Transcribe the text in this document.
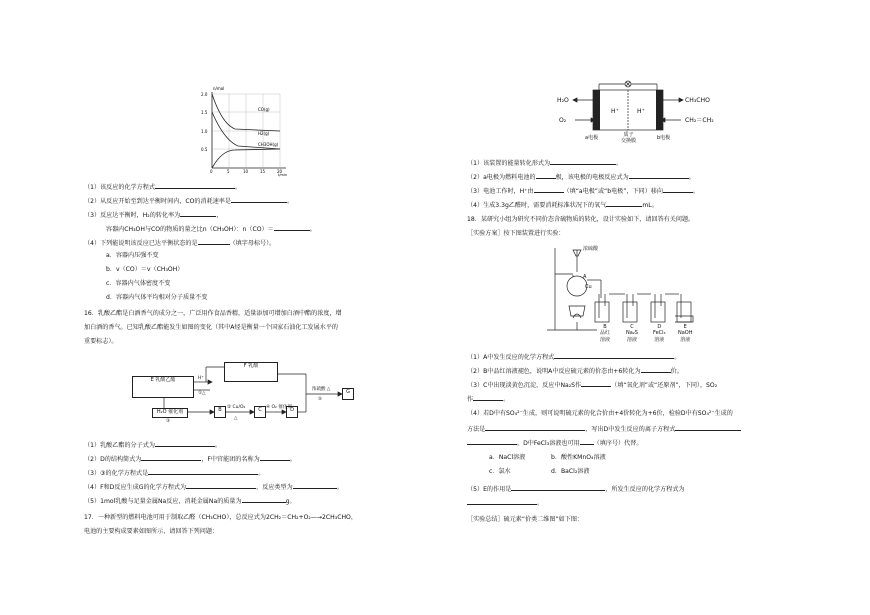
n/mol
2.0
1.5
1.0
0.5
0	5	10	15	20
t/min
CO(g)
H2(g)
CH3OH(g)
（1）该反应的化学方程式	。
（2）从反应开始至到达平衡时间内，CO的消耗速率是	。
（3）反应达平衡时，H₂的转化率为	，
容器内CH₃OH与CO的物质的量之比n（CH₃OH）：n（CO）＝	。
（4）下列能说明该反应已达平衡状态的是	（填字母标号）。
a．容器内压强不变
b．v（CO）＝v（CH₃OH）
c．容器内气体密度不变
d．容器内气体平均相对分子质量不变
16．乳酸乙酯是白酒香气的成分之一，广泛用作食品香精，适量添加可增加白酒中酯的浓度，增
加白酒的香气。已知乳酸乙酯能发生如图的变化（其中A烃是衡量一个国家石油化工发展水平的
重要标志）。
E 乳酸乙酯
F 乳酸
H₂O 催化剂	B	C	D
G
H⁺
①△
③
② Cu/O₂
△
④ O₂ 催化剂
浓硫酸 △
⑤
（1）乳酸乙酯的分子式为	。
（2）D的结构简式为	，F中官能团的名称为	。
（3）③的化学方程式是	。
（4）F和D反应生成G的化学方程式为	，反应类型为	。
（5）1mol乳酸与足量金属Na反应，消耗金属Na的质量为	g。
17．一种新型的燃料电池可用于制取乙醛（CH₃CHO），总反应式为2CH₂＝CH₂+O₂—→2CH₃CHO，
电池的主要构成要素如图所示，请回答下列问题：
H₂O
O₂
CH₃CHO
CH₂＝CH₂
H⁺	H⁺
a电极	质子
交换膜
b电极
（1）该装置的能量转化形式为	。
（2）a电极为燃料电池的	极，该电极的电极反应式为	。
（3）电池工作时，H⁺由	（填“a电极”或“b电极”，下同）移向	。
（4）生成3.3g乙醛时，需要消耗标准状况下的氧气	mL。
18．某研究小组为研究不同价态含硫物质的转化，设计实验如下，请回答有关问题。
［实验方案］按下图装置进行实验：
浓硫酸
A
Cu
B
品红
溶液
C
Na₂S
溶液
D
FeCl₃
溶液
E
NaOH
溶液
（1）A中发生反应的化学方程式	。
（2）B中品红溶液褪色，说明A中反应硫元素的价态由+6转化为	价。
（3）C中出现淡黄色沉淀，反应中Na₂S作	（填“氧化剂”或“还原剂”，下同），SO₂
作	。
（4）若D中有SO₄²⁻生成，则可说明硫元素的化合价由+4价转化为+6价，检验D中有SO₄²⁻生成的
方法是	，写出D中发生反应的离子方程式
，D中FeCl₃溶液也可用 （填序号）代替。
a．NaCl溶液	b．酸性KMnO₄溶液
c．氯水	d．BaCl₂溶液
（5）E的作用是	，所发生反应的化学方程式为
。
［实验总结］硫元素“价类二维图”如下图：
